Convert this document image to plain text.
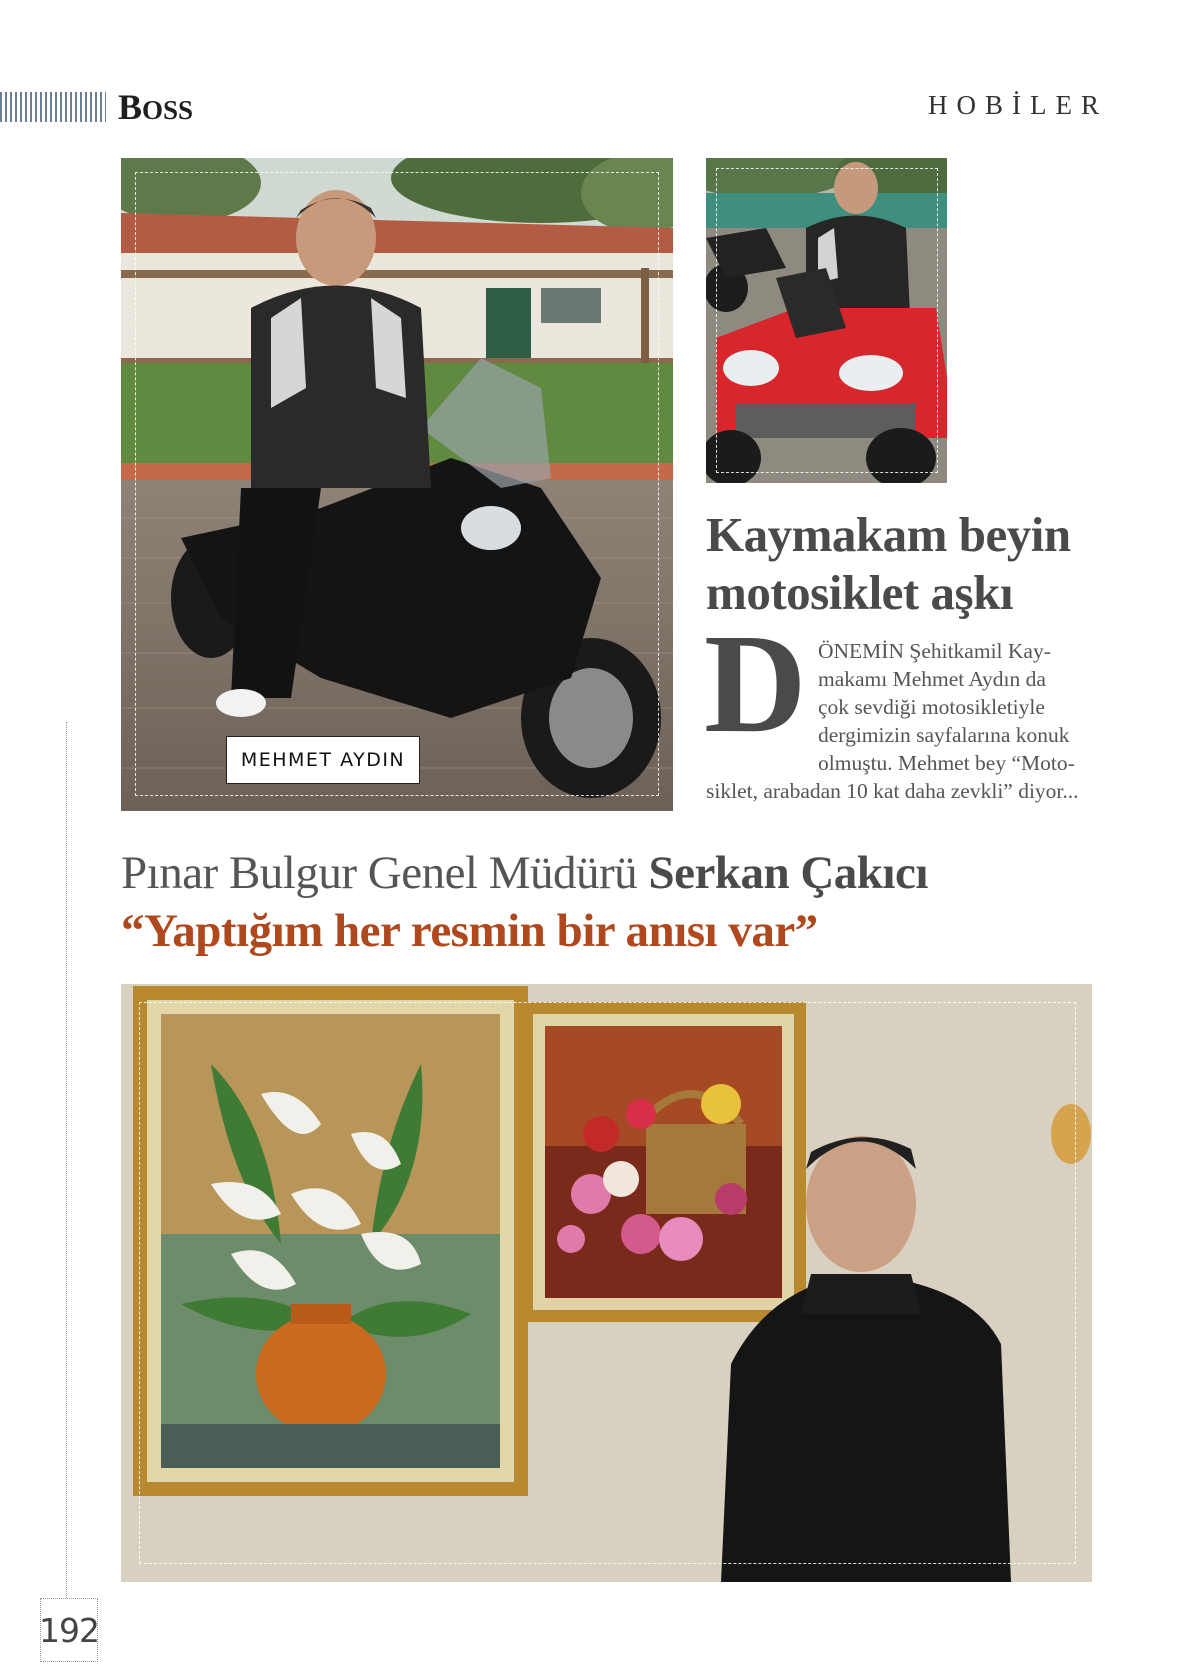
BOSS	HOBİLER
MEHMET AYDIN
Kaymakam beyin
motosiklet aşkı
D ÖNEMİN Şehitkamil Kay-
makamı Mehmet Aydın da
çok sevdiği motosikletiyle
dergimizin sayfalarına konuk
olmuştu. Mehmet bey “Moto-
siklet, arabadan 10 kat daha zevkli” diyor...
Pınar Bulgur Genel Müdürü Serkan Çakıcı
“Yaptığım her resmin bir anısı var”
192
